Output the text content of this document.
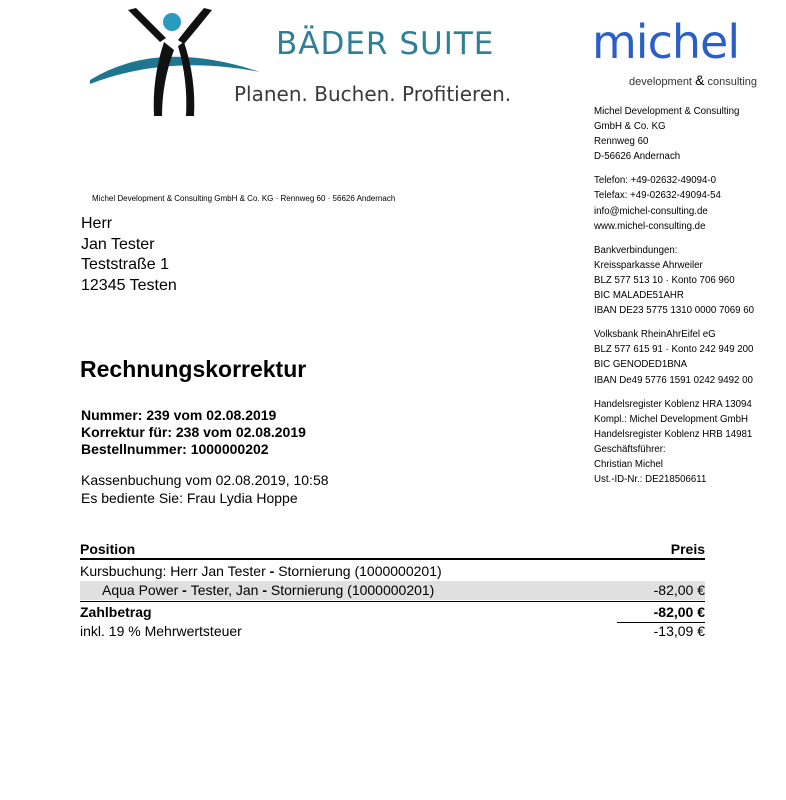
BÄDER SUITE
Planen. Buchen. Profitieren.
michel
development & consulting
Michel Development & Consulting GmbH & Co. KG · Rennweg 60 · 56626 Andernach
Herr
Jan Tester
Teststraße 1
12345 Testen
Michel Development & Consulting
GmbH & Co. KG
Rennweg 60
D-56626 Andernach
Telefon: +49-02632-49094-0
Telefax: +49-02632-49094-54
info@michel-consulting.de
www.michel-consulting.de
Bankverbindungen:
Kreissparkasse Ahrweiler
BLZ 577 513 10 · Konto 706 960
BIC MALADE51AHR
IBAN DE23 5775 1310 0000 7069 60
Volksbank RheinAhrEifel eG
BLZ 577 615 91 · Konto 242 949 200
BIC GENODED1BNA
IBAN De49 5776 1591 0242 9492 00
Handelsregister Koblenz HRA 13094
Kompl.: Michel Development GmbH
Handelsregister Koblenz HRB 14981
Geschäftsführer:
Christian Michel
Ust.-ID-Nr.: DE218506611
Rechnungskorrektur
Nummer: 239 vom 02.08.2019
Korrektur für: 238 vom 02.08.2019
Bestellnummer: 1000000202
Kassenbuchung vom 02.08.2019, 10:58
Es bediente Sie: Frau Lydia Hoppe
Position	Preis
Kursbuchung: Herr Jan Tester - Stornierung (1000000201)
Aqua Power - Tester, Jan - Stornierung (1000000201)	-82,00 €
Zahlbetrag	-82,00 €
inkl. 19 % Mehrwertsteuer	-13,09 €
